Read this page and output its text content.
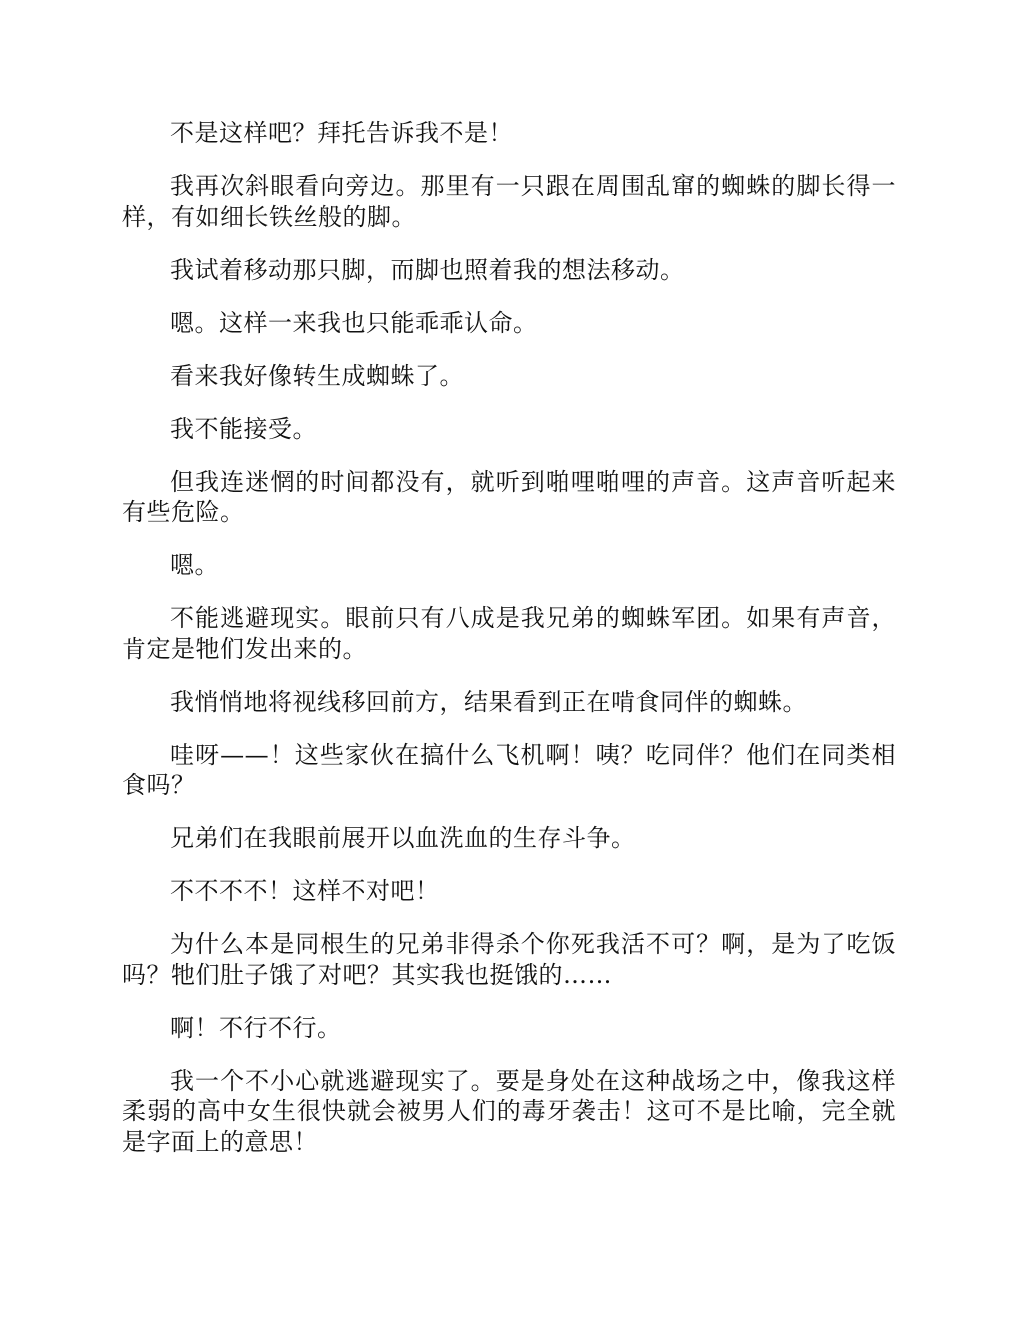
不是这样吧？拜托告诉我不是！

我再次斜眼看向旁边。那里有一只跟在周围乱窜的蜘蛛的脚长得一样，有如细长铁丝般的脚。

我试着移动那只脚，而脚也照着我的想法移动。

嗯。这样一来我也只能乖乖认命。

看来我好像转生成蜘蛛了。

我不能接受。

但我连迷惘的时间都没有，就听到啪哩啪哩的声音。这声音听起来有些危险。

嗯。

不能逃避现实。眼前只有八成是我兄弟的蜘蛛军团。如果有声音，肯定是牠们发出来的。

我悄悄地将视线移回前方，结果看到正在啃食同伴的蜘蛛。

哇呀——！这些家伙在搞什么飞机啊！咦？吃同伴？他们在同类相食吗？

兄弟们在我眼前展开以血洗血的生存斗争。

不不不不！这样不对吧！

为什么本是同根生的兄弟非得杀个你死我活不可？啊，是为了吃饭吗？牠们肚子饿了对吧？其实我也挺饿的……

啊！不行不行。

我一个不小心就逃避现实了。要是身处在这种战场之中，像我这样柔弱的高中女生很快就会被男人们的毒牙袭击！这可不是比喻，完全就是字面上的意思！
